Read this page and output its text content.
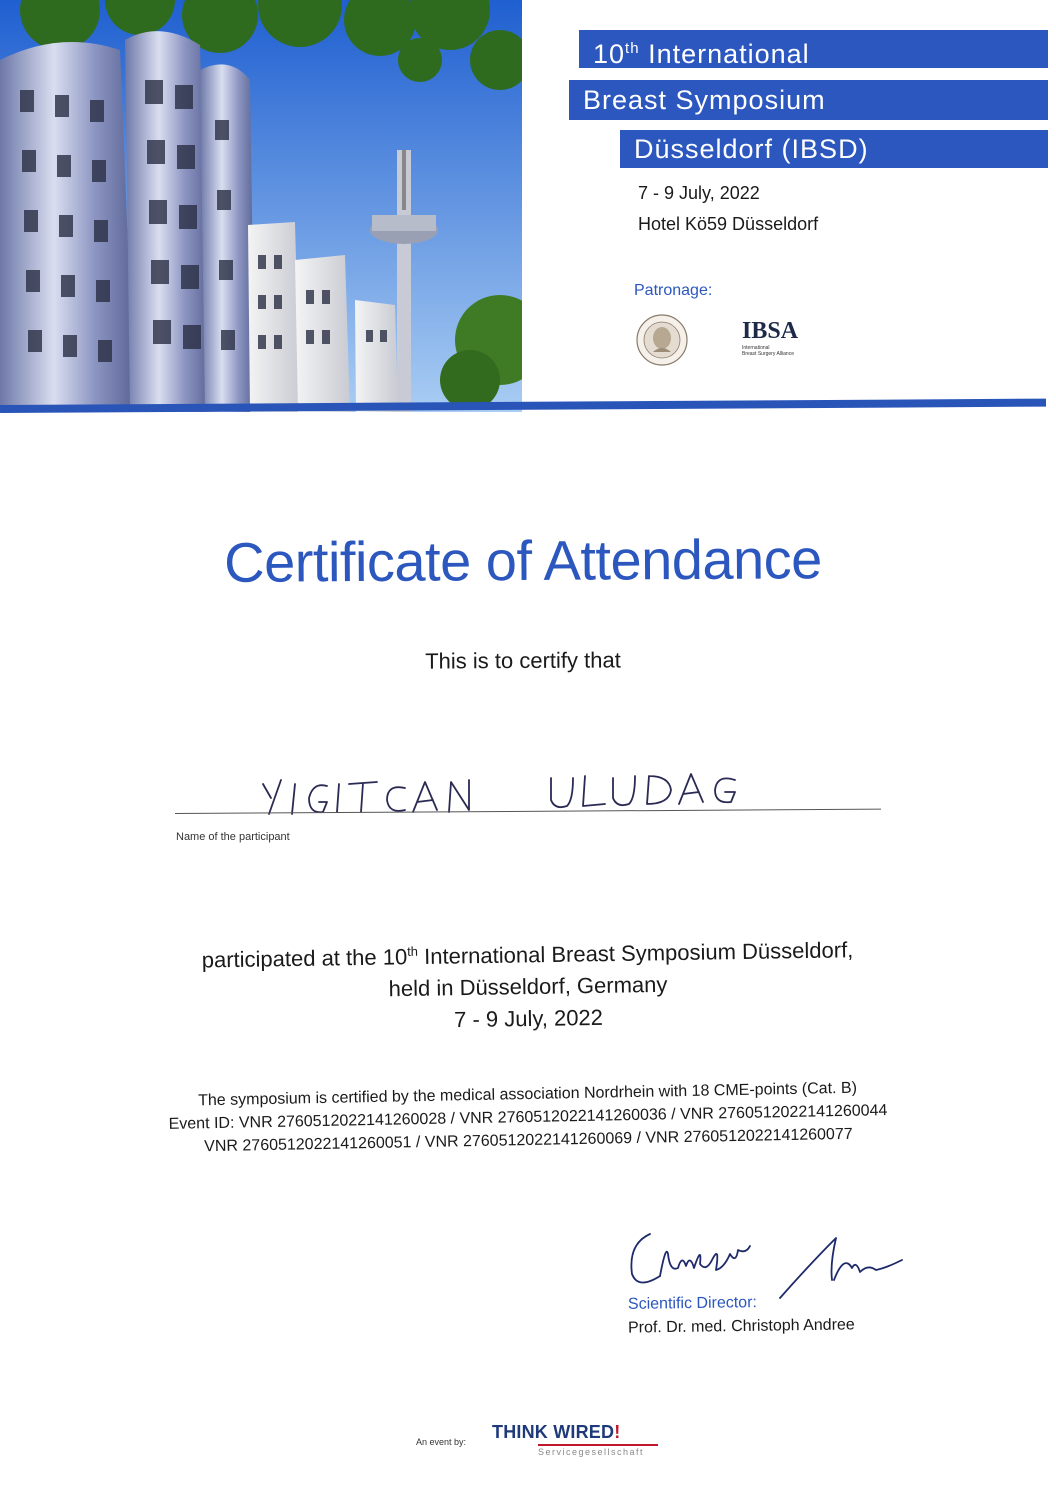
10th International
Breast Symposium
Düsseldorf (IBSD)
7 - 9 July, 2022
Hotel Kö59 Düsseldorf
Patronage:
IBSA
International
Breast Surgery Alliance
Certificate of Attendance
This is to certify that
Name of the participant
participated at the 10th International Breast Symposium Düsseldorf,
held in Düsseldorf, Germany
7 - 9 July, 2022
The symposium is certified by the medical association Nordrhein with 18 CME-points (Cat. B)
Event ID: VNR 2760512022141260028 / VNR 2760512022141260036 / VNR 2760512022141260044
VNR 2760512022141260051 / VNR 2760512022141260069 / VNR 2760512022141260077
Scientific Director:
Prof. Dr. med. Christoph Andree
An event by: THINK WIRED!
Servicegesellschaft
